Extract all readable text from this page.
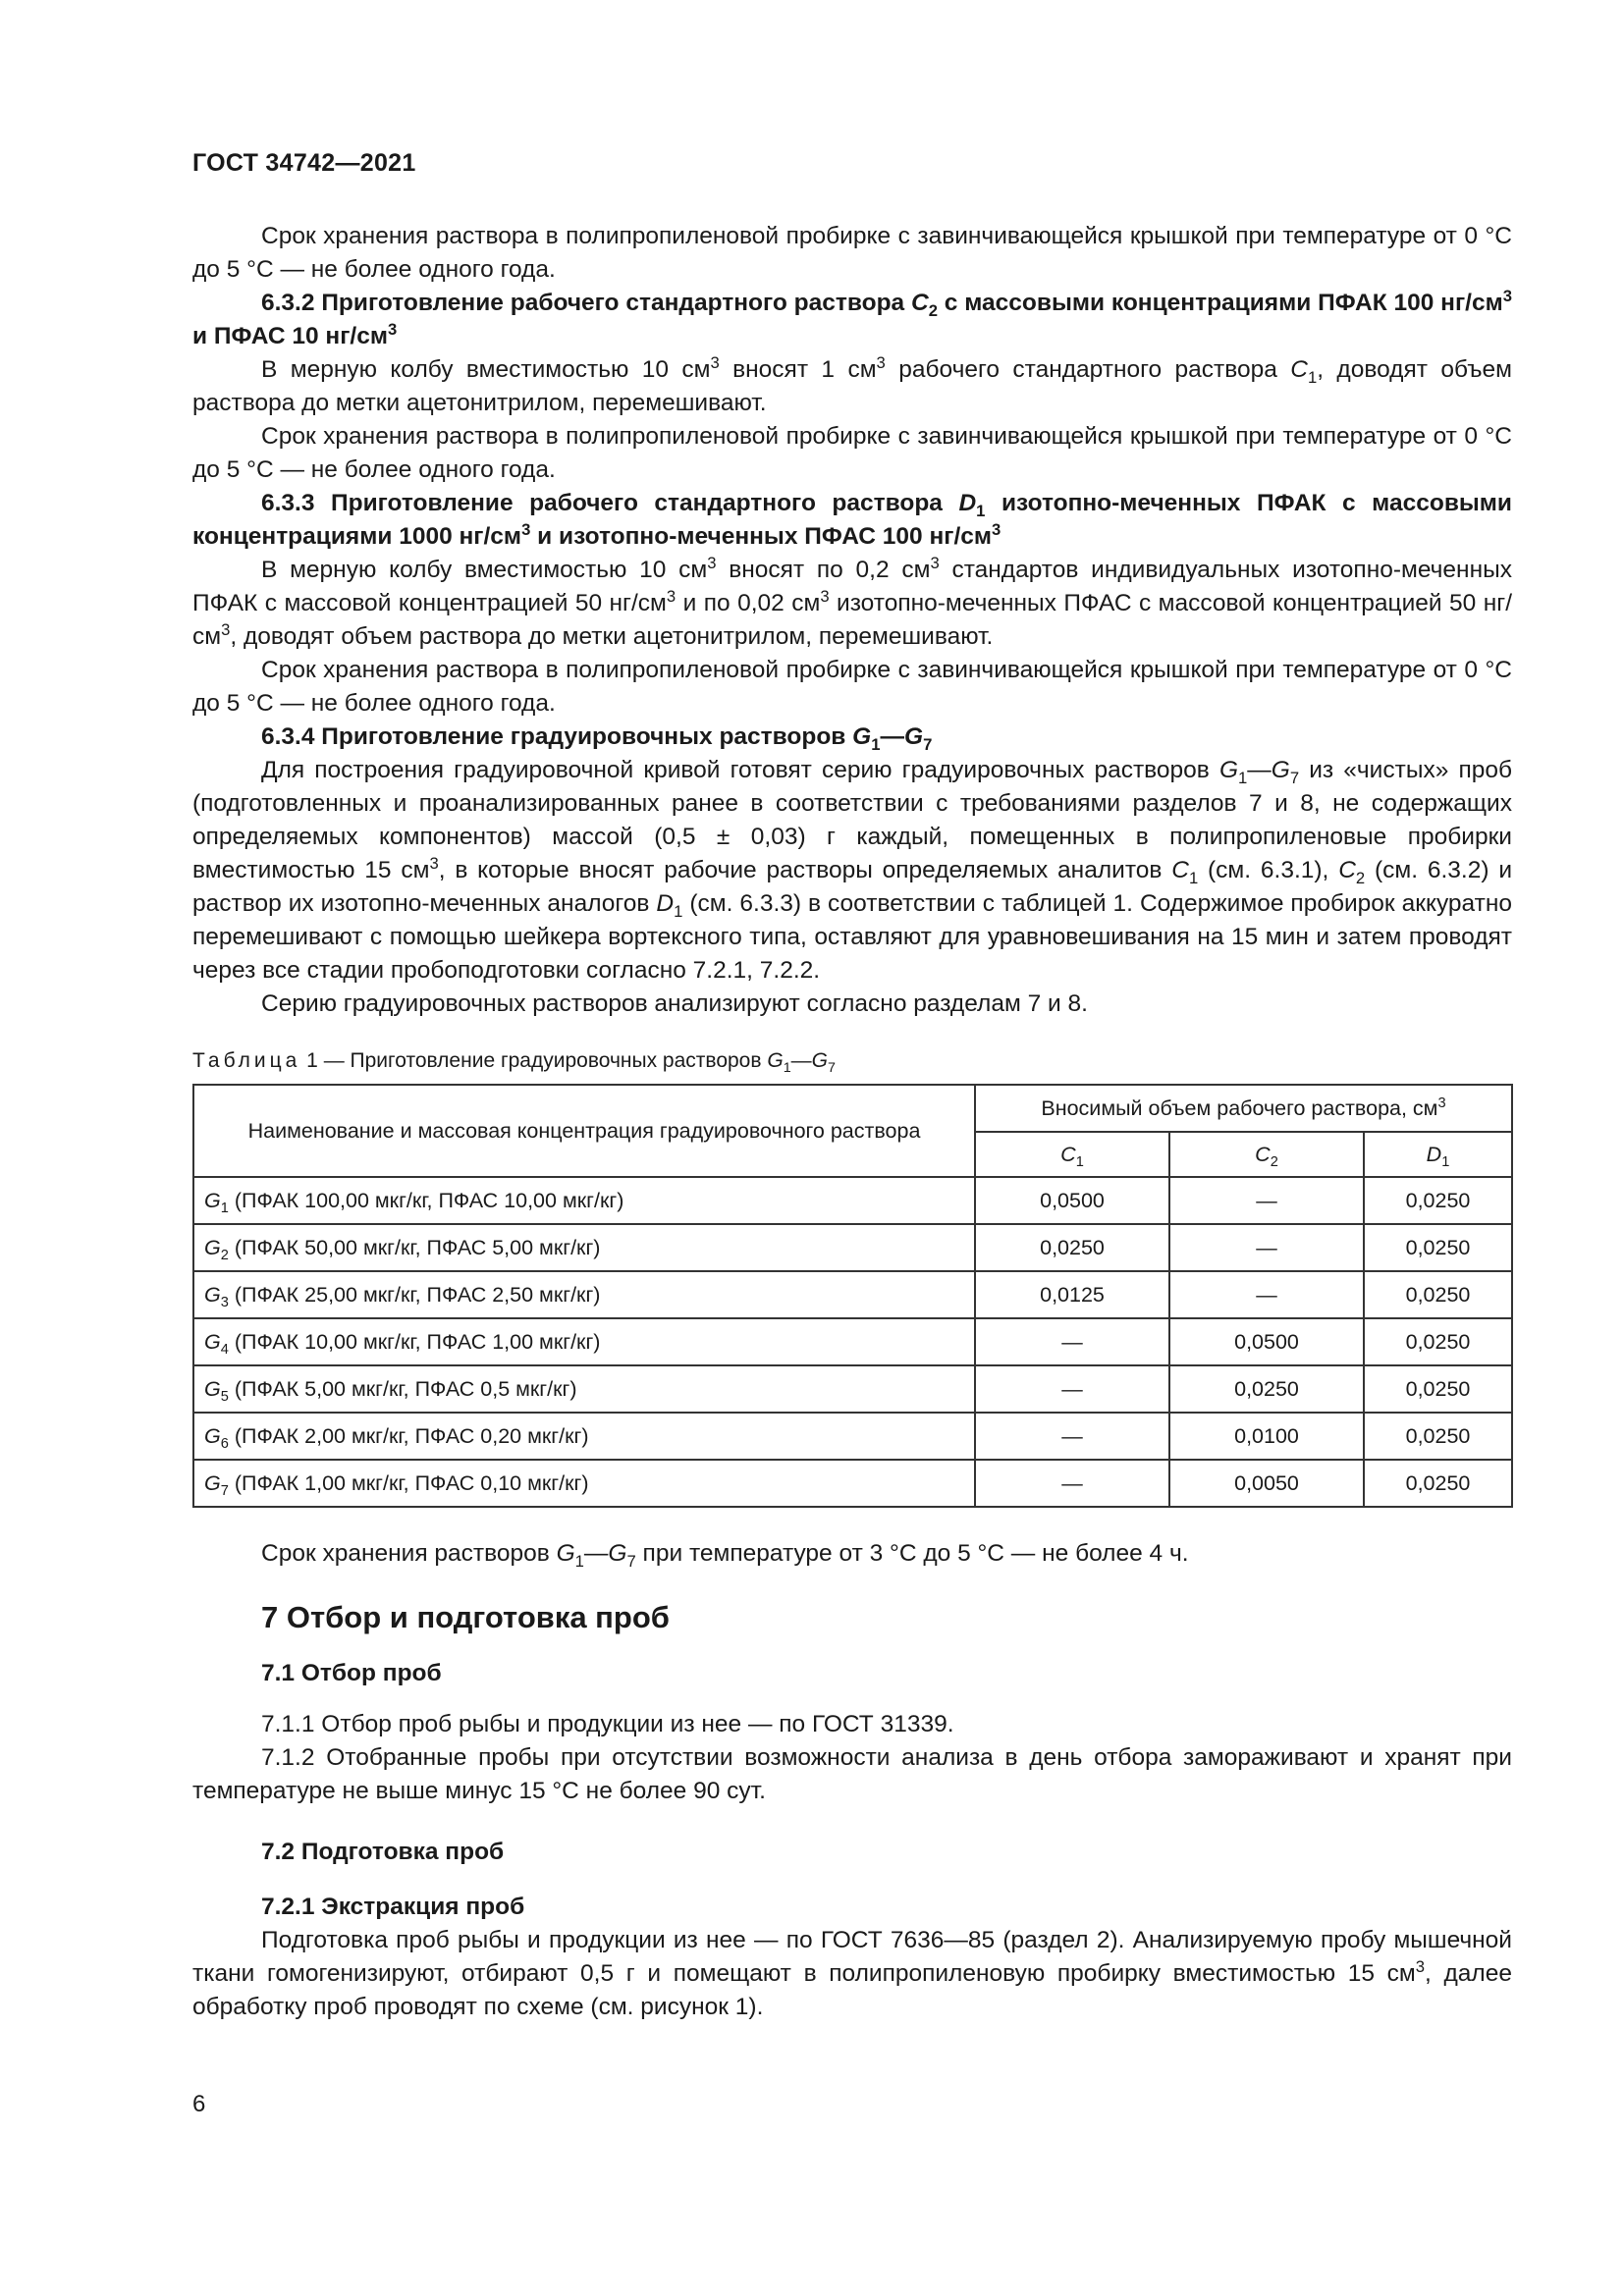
ГОСТ 34742—2021

Срок хранения раствора в полипропиленовой пробирке с завинчивающейся крышкой при температуре от 0 °С до 5 °С — не более одного года.

6.3.2 Приготовление рабочего стандартного раствора $C_2$ с массовыми концентрациями ПФАК 100 $нг/см^3$ и ПФАС 10 $нг/см^3$

В мерную колбу вместимостью 10 $см^3$ вносят 1 $см^3$ рабочего стандартного раствора $C_1$, доводят объем раствора до метки ацетонитрилом, перемешивают.

Срок хранения раствора в полипропиленовой пробирке с завинчивающейся крышкой при температуре от 0 °С до 5 °С — не более одного года.

6.3.3 Приготовление рабочего стандартного раствора $D_1$ изотопно-меченных ПФАК с массовыми концентрациями 1000 $нг/см^3$ и изотопно-меченных ПФАС 100 $нг/см^3$

В мерную колбу вместимостью 10 $см^3$ вносят по 0,2 $см^3$ стандартов индивидуальных изотопно-меченных ПФАК с массовой концентрацией 50 $нг/см^3$ и по 0,02 $см^3$ изотопно-меченных ПФАС с массовой концентрацией 50 $нг/см^3$, доводят объем раствора до метки ацетонитрилом, перемешивают.

Срок хранения раствора в полипропиленовой пробирке с завинчивающейся крышкой при температуре от 0 °С до 5 °С — не более одного года.

6.3.4 Приготовление градуировочных растворов $G_1—G_7$

Для построения градуировочной кривой готовят серию градуировочных растворов $G_1—G_7$ из «чистых» проб (подготовленных и проанализированных ранее в соответствии с требованиями разделов 7 и 8, не содержащих определяемых компонентов) массой (0,5 ± 0,03) г каждый, помещенных в полипропиленовые пробирки вместимостью 15 $см^3$, в которые вносят рабочие растворы определяемых аналитов $C_1$ (см. 6.3.1), $C_2$ (см. 6.3.2) и раствор их изотопно-меченных аналогов $D_1$ (см. 6.3.3) в соответствии с таблицей 1. Содержимое пробирок аккуратно перемешивают с помощью шейкера вортексного типа, оставляют для уравновешивания на 15 мин и затем проводят через все стадии пробоподготовки согласно 7.2.1, 7.2.2.

Серию градуировочных растворов анализируют согласно разделам 7 и 8.

Таблица 1 — Приготовление градуировочных растворов $G_1—G_7$
Наименование и массовая концентрация градуировочного раствора	Вносимый объем рабочего раствора, $см^3$
	$C_1$	$C_2$	$D_1$
$G_1$ (ПФАК 100,00 мкг/кг, ПФАС 10,00 мкг/кг)	0,0500	—	0,0250
$G_2$ (ПФАК 50,00 мкг/кг, ПФАС 5,00 мкг/кг)	0,0250	—	0,0250
$G_3$ (ПФАК 25,00 мкг/кг, ПФАС 2,50 мкг/кг)	0,0125	—	0,0250
$G_4$ (ПФАК 10,00 мкг/кг, ПФАС 1,00 мкг/кг)	—	0,0500	0,0250
$G_5$ (ПФАК 5,00 мкг/кг, ПФАС 0,5 мкг/кг)	—	0,0250	0,0250
$G_6$ (ПФАК 2,00 мкг/кг, ПФАС 0,20 мкг/кг)	—	0,0100	0,0250
$G_7$ (ПФАК 1,00 мкг/кг, ПФАС 0,10 мкг/кг)	—	0,0050	0,0250

Срок хранения растворов $G_1—G_7$ при температуре от 3 °С до 5 °С — не более 4 ч.

7 Отбор и подготовка проб
7.1 Отбор проб

7.1.1 Отбор проб рыбы и продукции из нее — по ГОСТ 31339.

7.1.2 Отобранные пробы при отсутствии возможности анализа в день отбора замораживают и хранят при температуре не выше минус 15 °С не более 90 сут.

7.2 Подготовка проб
7.2.1 Экстракция проб

Подготовка проб рыбы и продукции из нее — по ГОСТ 7636—85 (раздел 2). Анализируемую пробу мышечной ткани гомогенизируют, отбирают 0,5 г и помещают в полипропиленовую пробирку вместимостью 15 $см^3$, далее обработку проб проводят по схеме (см. рисунок 1).

6
